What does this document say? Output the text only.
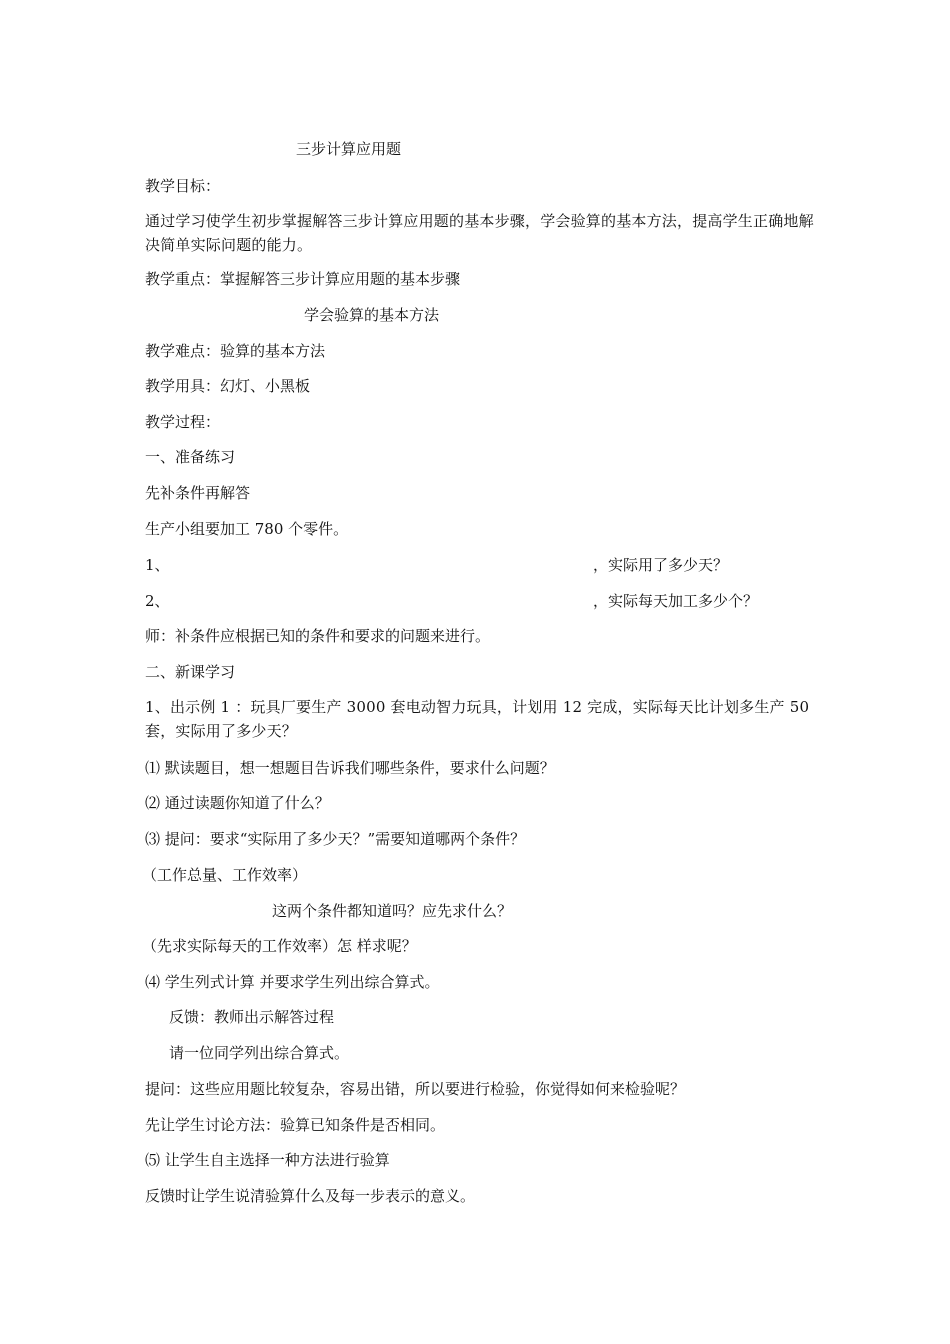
三步计算应用题
教学目标：
通过学习使学生初步掌握解答三步计算应用题的基本步骤，学会验算的基本方法，提高学生正确地解决简单实际问题的能力。
教学重点：掌握解答三步计算应用题的基本步骤
学会验算的基本方法
教学难点：验算的基本方法
教学用具：幻灯、小黑板
教学过程：
一、准备练习
先补条件再解答
生产小组要加工 780 个零件。
1、	，实际用了多少天？
2、	，实际每天加工多少个？
师：补条件应根据已知的条件和要求的问题来进行。
二、新课学习
1、出示例 1 ：玩具厂要生产 3000 套电动智力玩具，计划用 12 完成，实际每天比计划多生产 50 套，实际用了多少天？
⑴ 默读题目，想一想题目告诉我们哪些条件，要求什么问题？
⑵ 通过读题你知道了什么？
⑶ 提问：要求“实际用了多少天？”需要知道哪两个条件？
（工作总量、工作效率）
这两个条件都知道吗？应先求什么？
（先求实际每天的工作效率）怎 样求呢？
⑷ 学生列式计算 并要求学生列出综合算式。
反馈：教师出示解答过程
请一位同学列出综合算式。
提问：这些应用题比较复杂，容易出错，所以要进行检验，你觉得如何来检验呢？
先让学生讨论方法：验算已知条件是否相同。
⑸ 让学生自主选择一种方法进行验算
反馈时让学生说清验算什么及每一步表示的意义。
